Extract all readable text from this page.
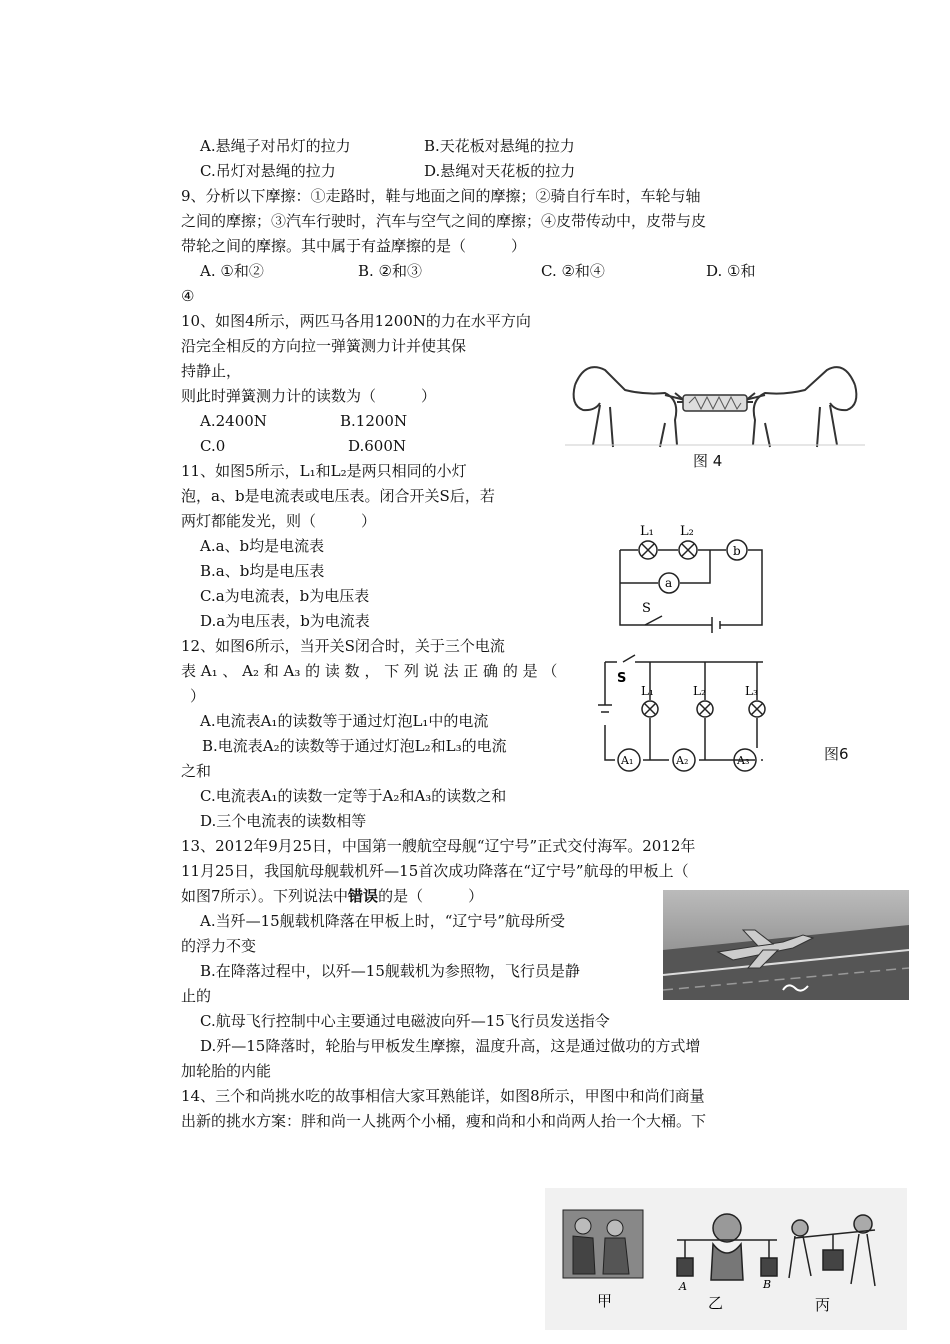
A.悬绳子对吊灯的拉力	B.天花板对悬绳的拉力
C.吊灯对悬绳的拉力	D.悬绳对天花板的拉力
9、分析以下摩擦：①走路时，鞋与地面之间的摩擦；②骑自行车时，车轮与轴
之间的摩擦；③汽车行驶时，汽车与空气之间的摩擦；④皮带传动中，皮带与皮
带轮之间的摩擦。其中属于有益摩擦的是（　　　）
A. ①和②	B. ②和③	C. ②和④	D. ①和
④
10、如图4所示，两匹马各用1200N的力在水平方向
沿完全相反的方向拉一弹簧测力计并使其保
持静止，
则此时弹簧测力计的读数为（　　　）
A.2400N	B.1200N
C.0	D.600N
图 4
11、如图5所示，L₁和L₂是两只相同的小灯
泡，a、b是电流表或电压表。闭合开关S后，若
两灯都能发光，则（　　　）
A.a、b均是电流表
B.a、b均是电压表
C.a为电流表，b为电压表
D.a为电压表，b为电流表
L₁ L₂
b
a
S
12、如图6所示，当开关S闭合时，关于三个电流
表 A₁ 、 A₂ 和 A₃ 的 读 数 ， 下 列 说 法 正 确 的 是 （
）
A.电流表A₁的读数等于通过灯泡L₁中的电流
B.电流表A₂的读数等于通过灯泡L₂和L₃的电流
之和
C.电流表A₁的读数一定等于A₂和A₃的读数之和
D.三个电流表的读数相等
S
L₁	L₂	L₃
A₁	A₂	A₃	图6
13、2012年9月25日，中国第一艘航空母舰“辽宁号”正式交付海军。2012年
11月25日，我国航母舰载机歼—15首次成功降落在“辽宁号”航母的甲板上（
如图7所示）。下列说法中错误的是（　　　）
A.当歼—15舰载机降落在甲板上时，“辽宁号”航母所受
的浮力不变
B.在降落过程中，以歼—15舰载机为参照物，飞行员是静
止的
C.航母飞行控制中心主要通过电磁波向歼—15飞行员发送指令
D.歼—15降落时，轮胎与甲板发生摩擦，温度升高，这是通过做功的方式增
加轮胎的内能
14、三个和尚挑水吃的故事相信大家耳熟能详，如图8所示，甲图中和尚们商量
出新的挑水方案：胖和尚一人挑两个小桶，瘦和尚和小和尚两人抬一个大桶。下
甲	乙	丙
A	B
